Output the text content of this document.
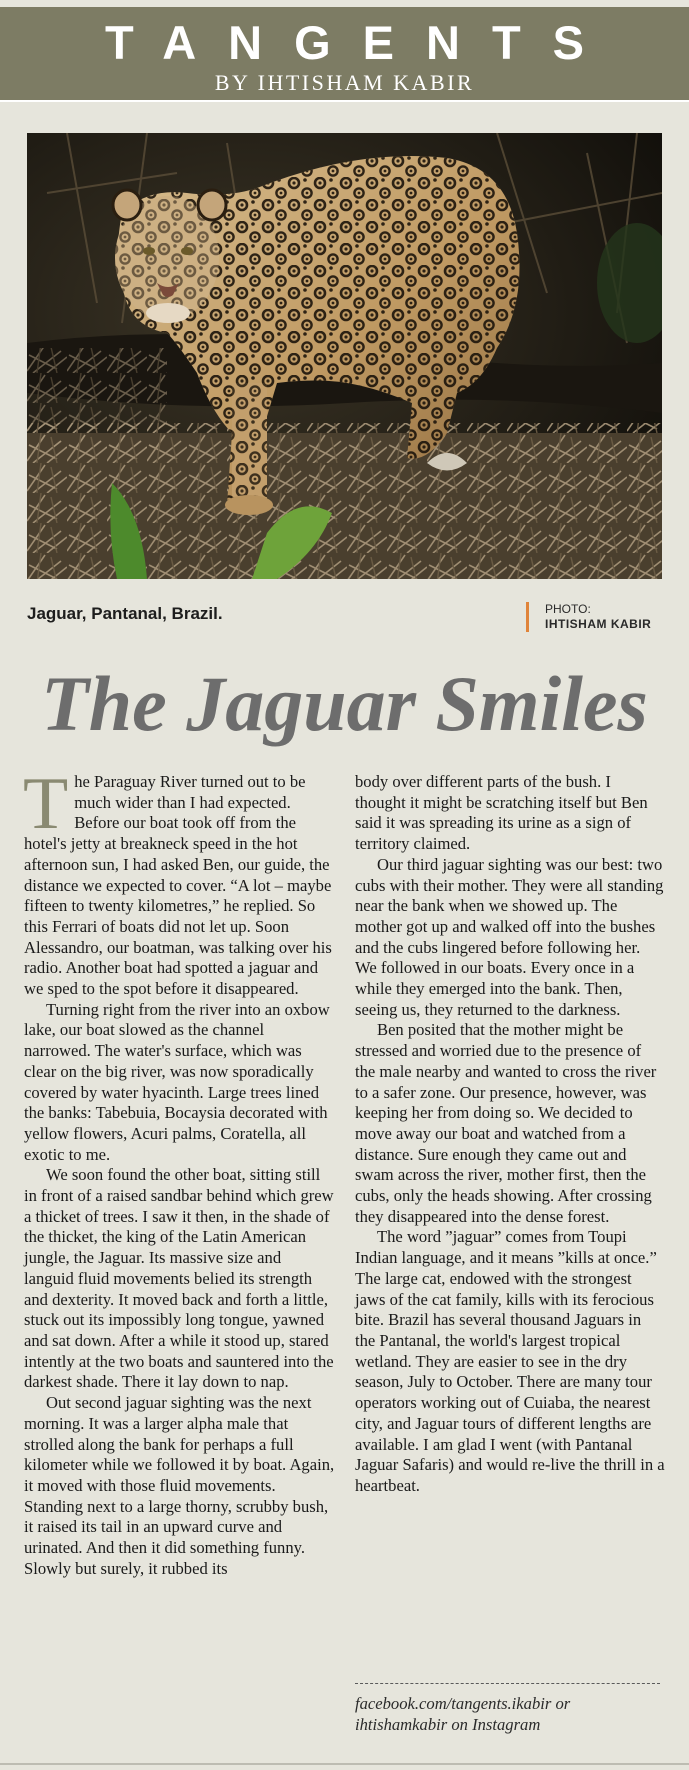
TANGENTS
BY IHTISHAM KABIR
Jaguar, Pantanal, Brazil.	PHOTO:
IHTISHAM KABIR
The Jaguar Smiles

The Paraguay River turned out to be much wider than I had expected. Before our boat took off from the hotel's jetty at breakneck speed in the hot afternoon sun, I had asked Ben, our guide, the distance we expected to cover. “A lot – maybe fifteen to twenty kilometres,” he replied. So this Ferrari of boats did not let up. Soon Alessandro, our boatman, was talking over his radio. Another boat had spotted a jaguar and we sped to the spot before it disappeared.

Turning right from the river into an oxbow lake, our boat slowed as the channel narrowed. The water's surface, which was clear on the big river, was now sporadically covered by water hyacinth. Large trees lined the banks: Tabebuia, Bocaysia decorated with yellow flowers, Acuri palms, Coratella, all exotic to me.

We soon found the other boat, sitting still in front of a raised sandbar behind which grew a thicket of trees. I saw it then, in the shade of the thicket, the king of the Latin American jungle, the Jaguar. Its massive size and languid fluid movements belied its strength and dexterity. It moved back and forth a little, stuck out its impossibly long tongue, yawned and sat down. After a while it stood up, stared intently at the two boats and sauntered into the darkest shade. There it lay down to nap.

Out second jaguar sighting was the next morning. It was a larger alpha male that strolled along the bank for perhaps a full kilometer while we followed it by boat. Again, it moved with those fluid movements. Standing next to a large thorny, scrubby bush, it raised its tail in an upward curve and urinated. And then it did something funny. Slowly but surely, it rubbed its

body over different parts of the bush. I thought it might be scratching itself but Ben said it was spreading its urine as a sign of territory claimed.

Our third jaguar sighting was our best: two cubs with their mother. They were all standing near the bank when we showed up. The mother got up and walked off into the bushes and the cubs lingered before following her. We followed in our boats. Every once in a while they emerged into the bank. Then, seeing us, they returned to the darkness.

Ben posited that the mother might be stressed and worried due to the presence of the male nearby and wanted to cross the river to a safer zone. Our presence, however, was keeping her from doing so. We decided to move away our boat and watched from a distance. Sure enough they came out and swam across the river, mother first, then the cubs, only the heads showing. After crossing they disappeared into the dense forest.

The word ”jaguar” comes from Toupi Indian language, and it means ”kills at once.” The large cat, endowed with the strongest jaws of the cat family, kills with its ferocious bite. Brazil has several thousand Jaguars in the Pantanal, the world's largest tropical wetland. They are easier to see in the dry season, July to October. There are many tour operators working out of Cuiaba, the nearest city, and Jaguar tours of different lengths are available. I am glad I went (with Pantanal Jaguar Safaris) and would re-live the thrill in a heartbeat.

facebook.com/tangents.ikabir or ihtishamkabir on Instagram
